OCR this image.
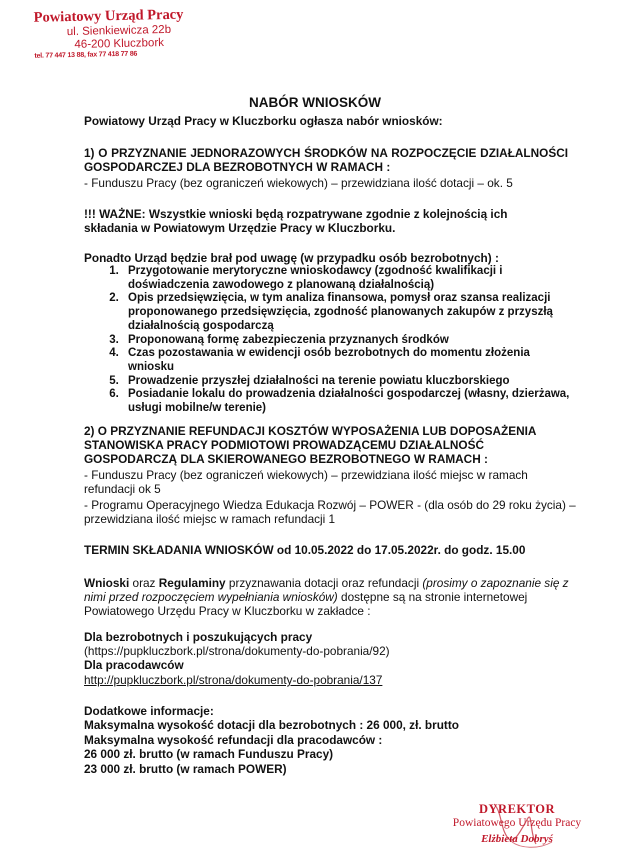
Powiatowy Urząd Pracy
ul. Sienkiewicza 22b
46-200 Kluczbork
tel. 77 447 13 88, fax 77 418 77 86
NABÓR WNIOSKÓW
Powiatowy Urząd Pracy w Kluczborku ogłasza nabór wniosków:
1) O PRZYZNANIE JEDNORAZOWYCH ŚRODKÓW NA ROZPOCZĘCIE DZIAŁALNOŚCI GOSPODARCZEJ DLA BEZROBOTNYCH W RAMACH :
- Funduszu Pracy (bez ograniczeń wiekowych) – przewidziana ilość dotacji – ok. 5
!!! WAŻNE: Wszystkie wnioski będą rozpatrywane zgodnie z kolejnością ich składania w Powiatowym Urzędzie Pracy w Kluczborku.
Ponadto Urząd będzie brał pod uwagę (w przypadku osób bezrobotnych) :
1. Przygotowanie merytoryczne wnioskodawcy (zgodność kwalifikacji i doświadczenia zawodowego z planowaną działalnością)
2. Opis przedsięwzięcia, w tym analiza finansowa, pomysł oraz szansa realizacji proponowanego przedsięwzięcia, zgodność planowanych zakupów z przyszłą działalnością gospodarczą
3. Proponowaną formę zabezpieczenia przyznanych środków
4. Czas pozostawania w ewidencji osób bezrobotnych do momentu złożenia wniosku
5. Prowadzenie przyszłej działalności na terenie powiatu kluczborskiego
6. Posiadanie lokalu do prowadzenia działalności gospodarczej (własny, dzierżawa, usługi mobilne/w terenie)
2) O PRZYZNANIE REFUNDACJI KOSZTÓW WYPOSAŻENIA LUB DOPOSAŻENIA STANOWISKA PRACY PODMIOTOWI PROWADZĄCEMU DZIAŁALNOŚĆ GOSPODARCZĄ DLA SKIEROWANEGO BEZROBOTNEGO W RAMACH :
- Funduszu Pracy (bez ograniczeń wiekowych) – przewidziana ilość miejsc w ramach refundacji ok 5
- Programu Operacyjnego Wiedza Edukacja Rozwój – POWER - (dla osób do 29 roku życia) – przewidziana ilość miejsc w ramach refundacji 1
TERMIN SKŁADANIA WNIOSKÓW od 10.05.2022 do 17.05.2022r. do godz. 15.00
Wnioski oraz Regulaminy przyznawania dotacji oraz refundacji (prosimy o zapoznanie się z nimi przed rozpoczęciem wypełniania wniosków) dostępne są na stronie internetowej Powiatowego Urzędu Pracy w Kluczborku w zakładce :
Dla bezrobotnych i poszukujących pracy
(https://pupkluczbork.pl/strona/dokumenty-do-pobrania/92)
Dla pracodawców
http://pupkluczbork.pl/strona/dokumenty-do-pobrania/137
Dodatkowe informacje:
Maksymalna wysokość dotacji dla bezrobotnych : 26 000, zł. brutto
Maksymalna wysokość refundacji dla pracodawców :
26 000 zł. brutto (w ramach Funduszu Pracy)
23 000 zł. brutto (w ramach POWER)
DYREKTOR
Powiatowego Urzędu Pracy
Elżbieta Dobryś
